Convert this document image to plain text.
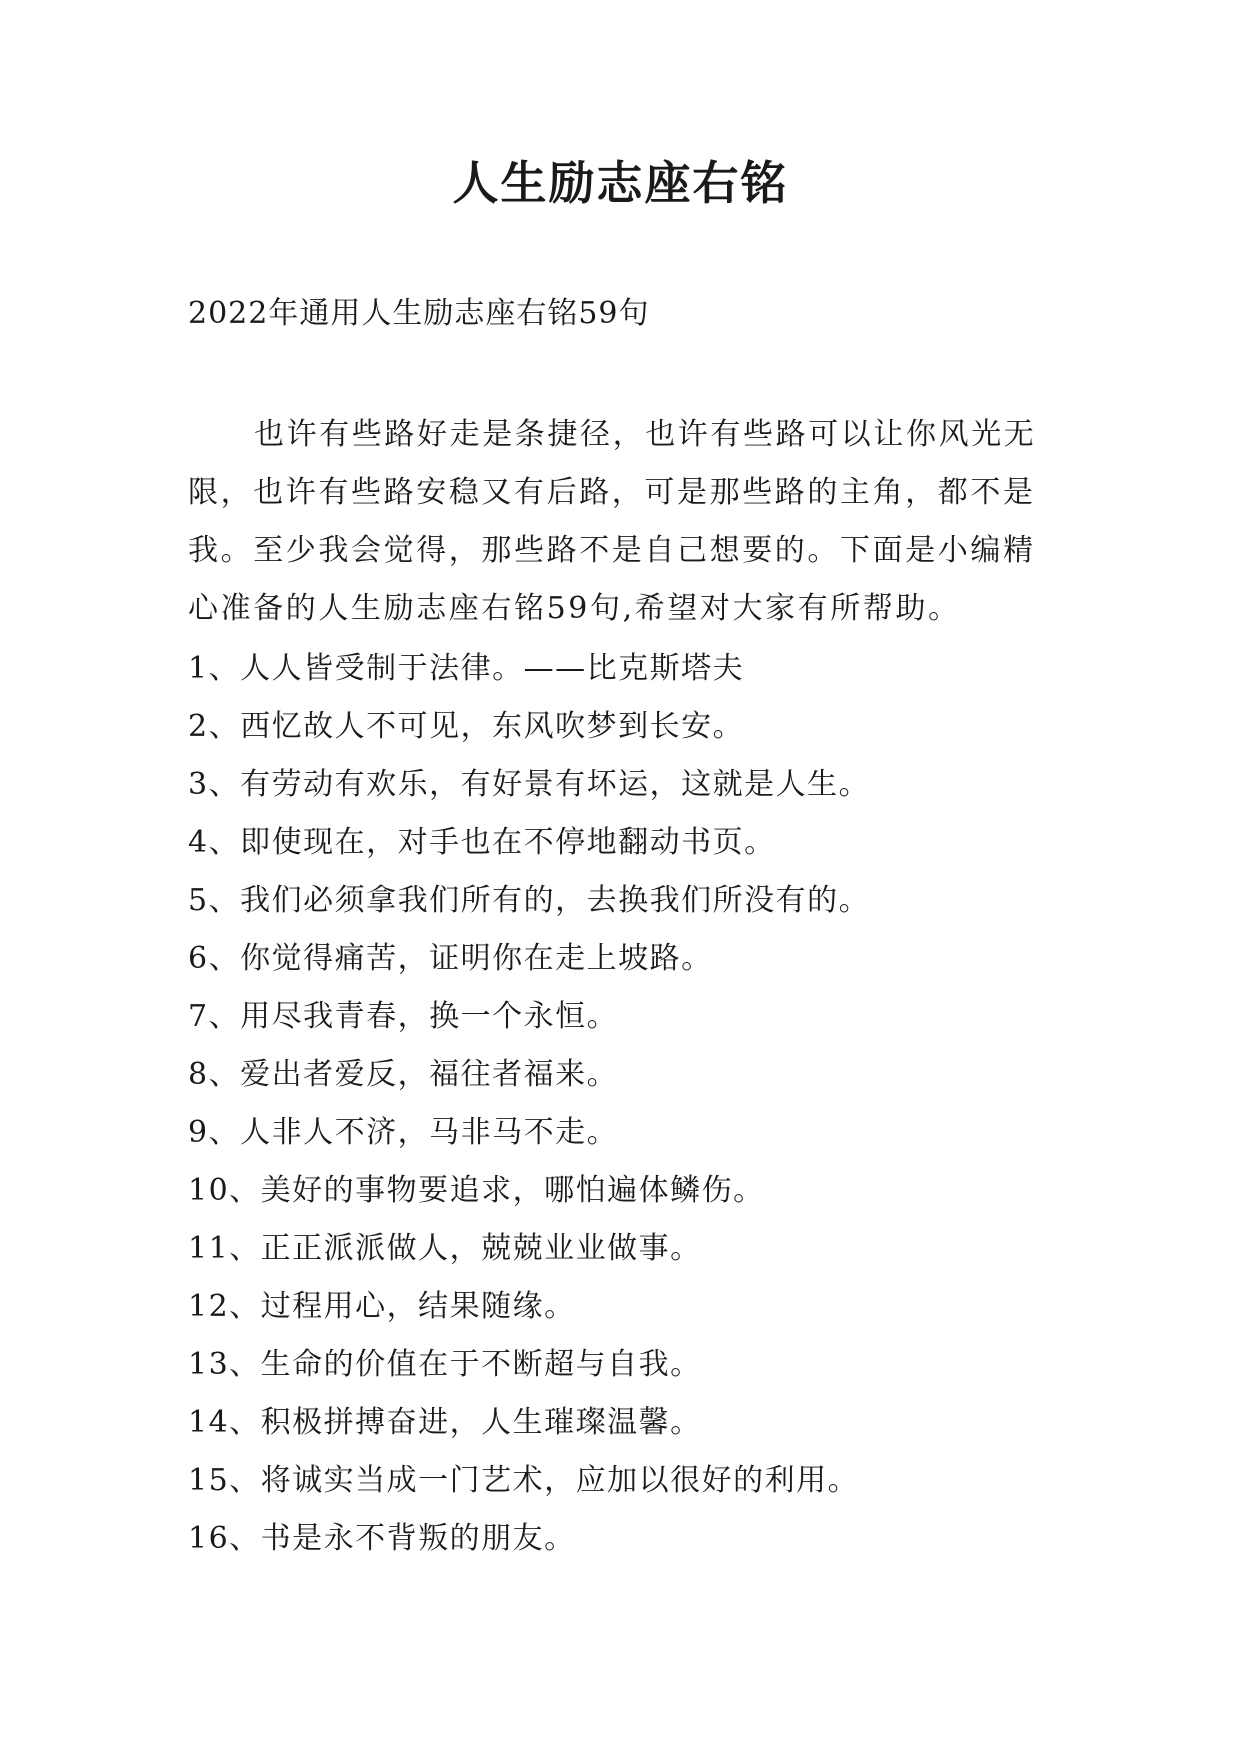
人生励志座右铭
2022年通用人生励志座右铭59句
也许有些路好走是条捷径，也许有些路可以让你风光无限，也许有些路安稳又有后路，可是那些路的主角，都不是我。至少我会觉得，那些路不是自己想要的。下面是小编精心准备的人生励志座右铭59句,希望对大家有所帮助。
1、人人皆受制于法律。——比克斯塔夫
2、西忆故人不可见，东风吹梦到长安。
3、有劳动有欢乐，有好景有坏运，这就是人生。
4、即使现在，对手也在不停地翻动书页。
5、我们必须拿我们所有的，去换我们所没有的。
6、你觉得痛苦，证明你在走上坡路。
7、用尽我青春，换一个永恒。
8、爱出者爱反，福往者福来。
9、人非人不济，马非马不走。
10、美好的事物要追求，哪怕遍体鳞伤。
11、正正派派做人，兢兢业业做事。
12、过程用心，结果随缘。
13、生命的价值在于不断超与自我。
14、积极拼搏奋进，人生璀璨温馨。
15、将诚实当成一门艺术，应加以很好的利用。
16、书是永不背叛的朋友。
